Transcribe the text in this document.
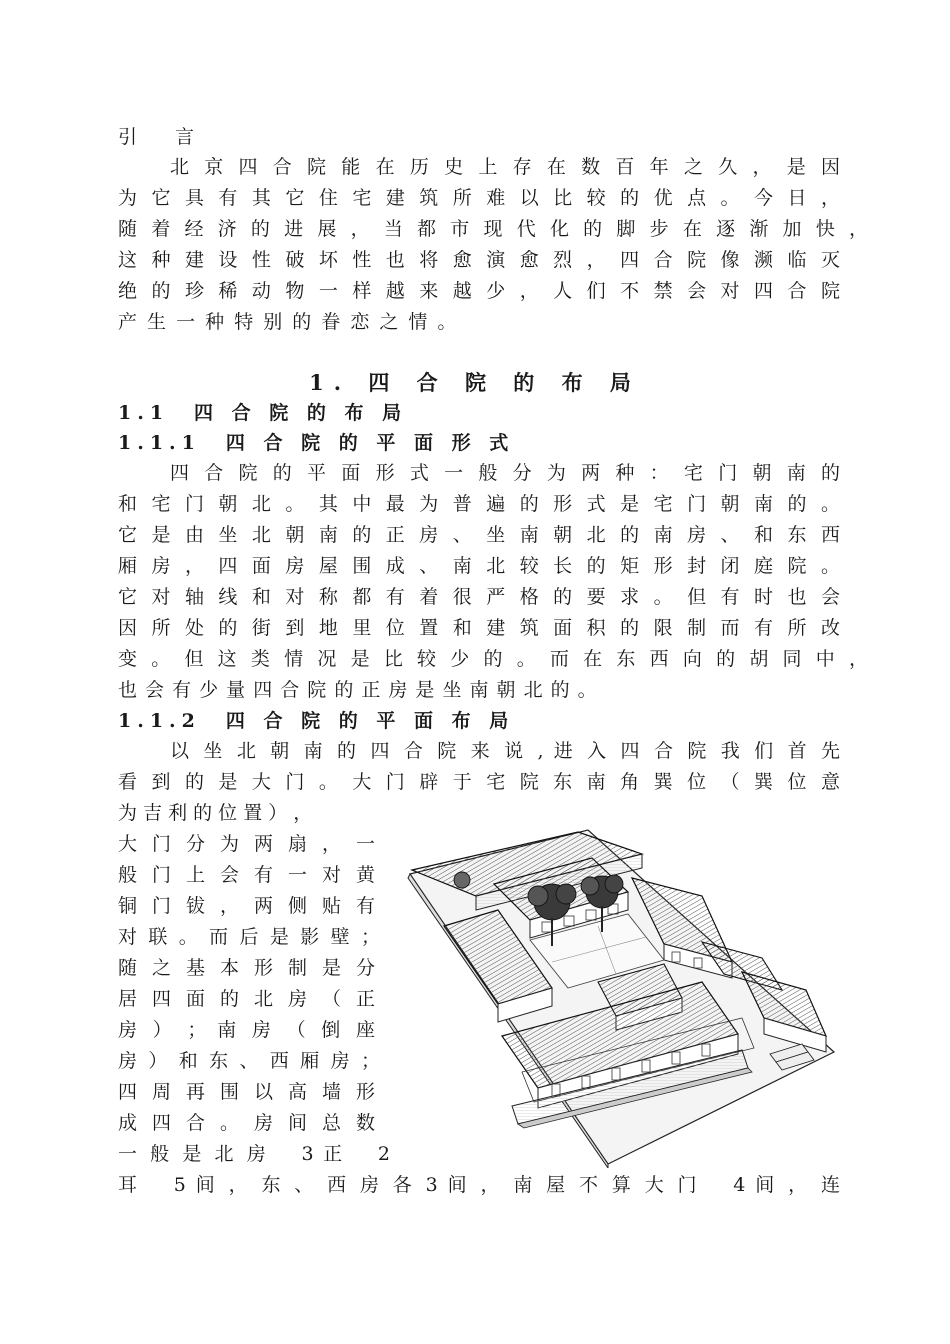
引　　言
北 京 四 合 院 能 在 历 史 上 存 在 数 百 年 之 久 ， 是 因
为 它 具 有 其 它 住 宅 建 筑 所 难 以 比 较 的 优 点 。 今 日 ，
随 着 经 济 的 进 展 ， 当 都 市 现 代 化 的 脚 步 在 逐 渐 加 快 ，
这 种 建 设 性 破 坏 性 也 将 愈 演 愈 烈 ， 四 合 院 像 濒 临 灭
绝 的 珍 稀 动 物 一 样 越 来 越 少 ， 人 们 不 禁 会 对 四 合 院
产 生 一 种 特 别 的 眷 恋 之 情 。
1. 四 合 院 的 布 局
1.1　四 合 院 的 布 局
1.1.1　四 合 院 的 平 面 形 式
四 合 院 的 平 面 形 式 一 般 分 为 两 种 ： 宅 门 朝 南 的
和 宅 门 朝 北 。 其 中 最 为 普 遍 的 形 式 是 宅 门 朝 南 的 。
它 是 由 坐 北 朝 南 的 正 房 、 坐 南 朝 北 的 南 房 、 和 东 西
厢 房 ， 四 面 房 屋 围 成 、 南 北 较 长 的 矩 形 封 闭 庭 院 。
它 对 轴 线 和 对 称 都 有 着 很 严 格 的 要 求 。 但 有 时 也 会
因 所 处 的 街 到 地 里 位 置 和 建 筑 面 积 的 限 制 而 有 所 改
变 。 但 这 类 情 况 是 比 较 少 的 。 而 在 东 西 向 的 胡 同 中 ，
也 会 有 少 量 四 合 院 的 正 房 是 坐 南 朝 北 的 。
1.1.2　四 合 院 的 平 面 布 局
以 坐 北 朝 南 的 四 合 院 来 说 , 进 入 四 合 院 我 们 首 先
看 到 的 是 大 门 。 大 门 辟 于 宅 院 东 南 角 巽 位 （ 巽 位 意
为 吉 利 的 位 置 ） ，
大 门 分 为 两 扇 ， 一
般 门 上 会 有 一 对 黄
铜 门 钹 ， 两 侧 贴 有
对 联 。 而 后 是 影 壁 ；
随 之 基 本 形 制 是 分
居 四 面 的 北 房 （ 正
房 ） ； 南 房 （ 倒 座
房 ） 和 东 、 西 厢 房 ；
四 周 再 围 以 高 墙 形
成 四 合 。 房 间 总 数
一 般 是 北 房　 3 正　 2
耳　 5 间 ， 东 、 西 房 各 3 间 ， 南 屋 不 算 大 门　 4 间 ， 连
